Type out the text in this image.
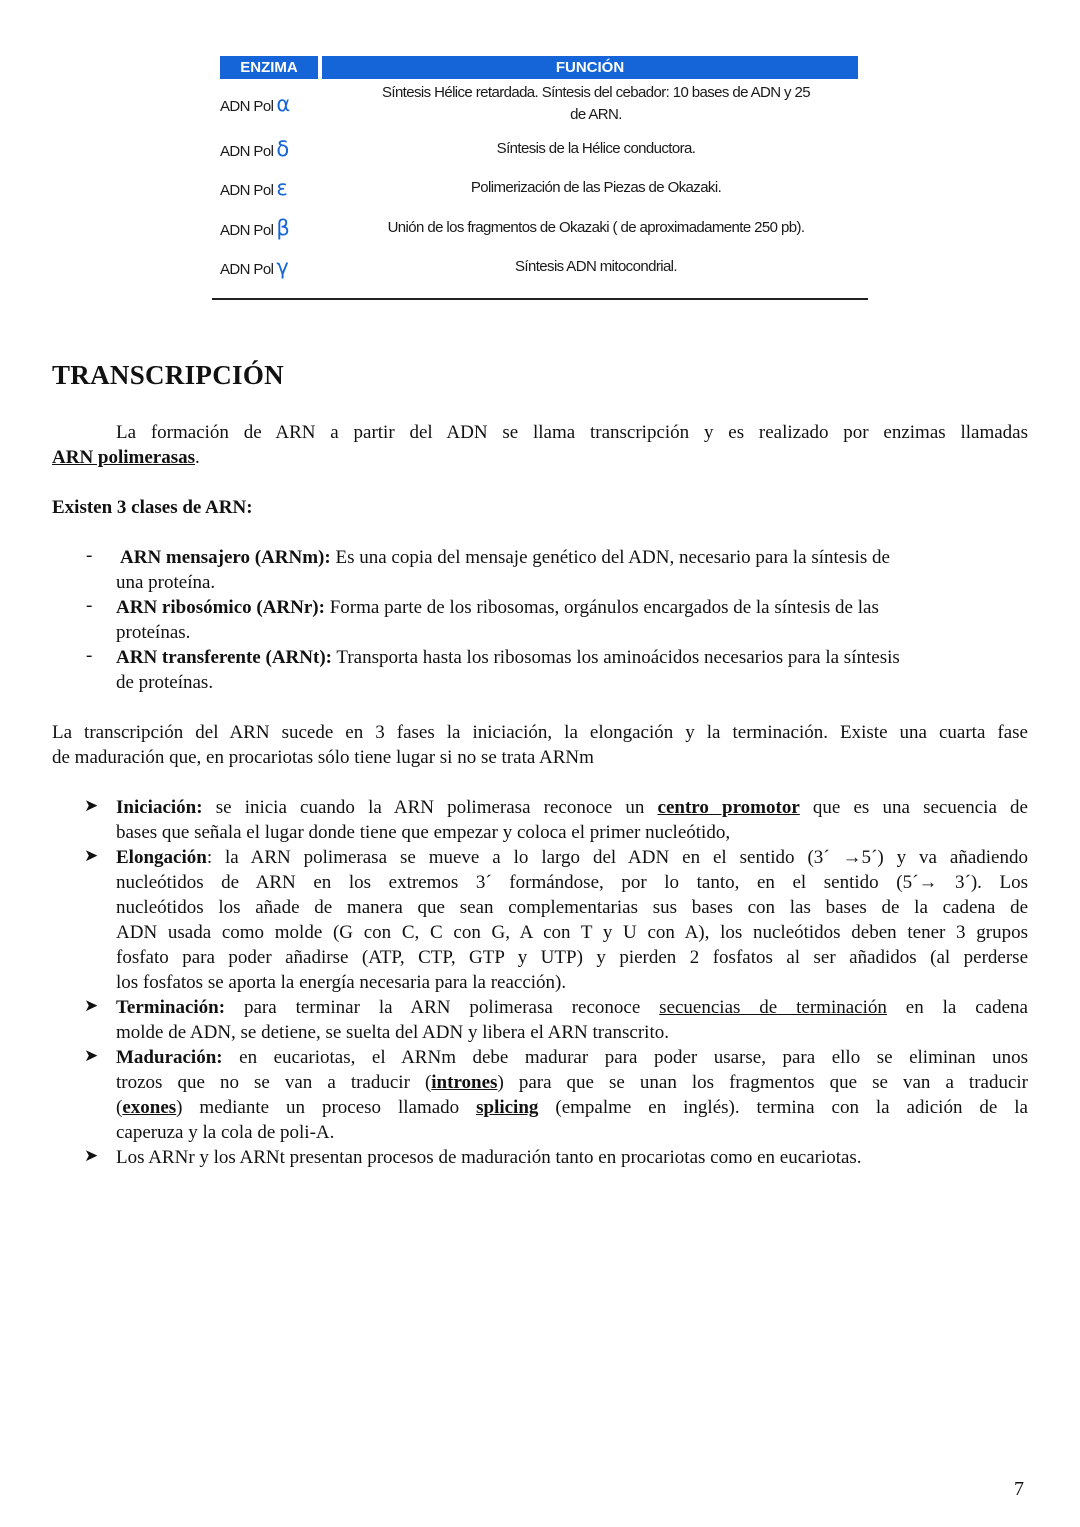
ENZIMA	FUNCIÓN
ADN Pol α	Síntesis Hélice retardada. Síntesis del cebador: 10 bases de ADN y 25
de ARN.
ADN Pol δ	Síntesis de la Hélice conductora.
ADN Pol ε	Polimerización de las Piezas de Okazaki.
ADN Pol β	Unión de los fragmentos de Okazaki ( de aproximadamente 250 pb).
ADN Pol γ	Síntesis ADN mitocondrial.
TRANSCRIPCIÓN
La formación de ARN a partir del ADN se llama transcripción y es realizado por enzimas llamadas
ARN polimerasas.
Existen 3 clases de ARN:
- ARN mensajero (ARNm): Es una copia del mensaje genético del ADN, necesario para la síntesis de
una proteína.
- ARN ribosómico (ARNr): Forma parte de los ribosomas, orgánulos encargados de la síntesis de las
proteínas.
- ARN transferente (ARNt): Transporta hasta los ribosomas los aminoácidos necesarios para la síntesis
de proteínas.
La transcripción del ARN sucede en 3 fases la iniciación, la elongación y la terminación. Existe una cuarta fase
de maduración que, en procariotas sólo tiene lugar si no se trata ARNm
➤ Iniciación: se inicia cuando la ARN polimerasa reconoce un centro promotor que es una secuencia de
bases que señala el lugar donde tiene que empezar y coloca el primer nucleótido,
➤ Elongación: la ARN polimerasa se mueve a lo largo del ADN en el sentido (3´ →5´) y va añadiendo
nucleótidos de ARN en los extremos 3´ formándose, por lo tanto, en el sentido (5´→ 3´). Los
nucleótidos los añade de manera que sean complementarias sus bases con las bases de la cadena de
ADN usada como molde (G con C, C con G, A con T y U con A), los nucleótidos deben tener 3 grupos
fosfato para poder añadirse (ATP, CTP, GTP y UTP) y pierden 2 fosfatos al ser añadidos (al perderse
los fosfatos se aporta la energía necesaria para la reacción).
➤ Terminación: para terminar la ARN polimerasa reconoce secuencias de terminación en la cadena
molde de ADN, se detiene, se suelta del ADN y libera el ARN transcrito.
➤ Maduración: en eucariotas, el ARNm debe madurar para poder usarse, para ello se eliminan unos
trozos que no se van a traducir (intrones) para que se unan los fragmentos que se van a traducir
(exones) mediante un proceso llamado splicing (empalme en inglés). termina con la adición de la
caperuza y la cola de poli-A.
➤ Los ARNr y los ARNt presentan procesos de maduración tanto en procariotas como en eucariotas.
7
